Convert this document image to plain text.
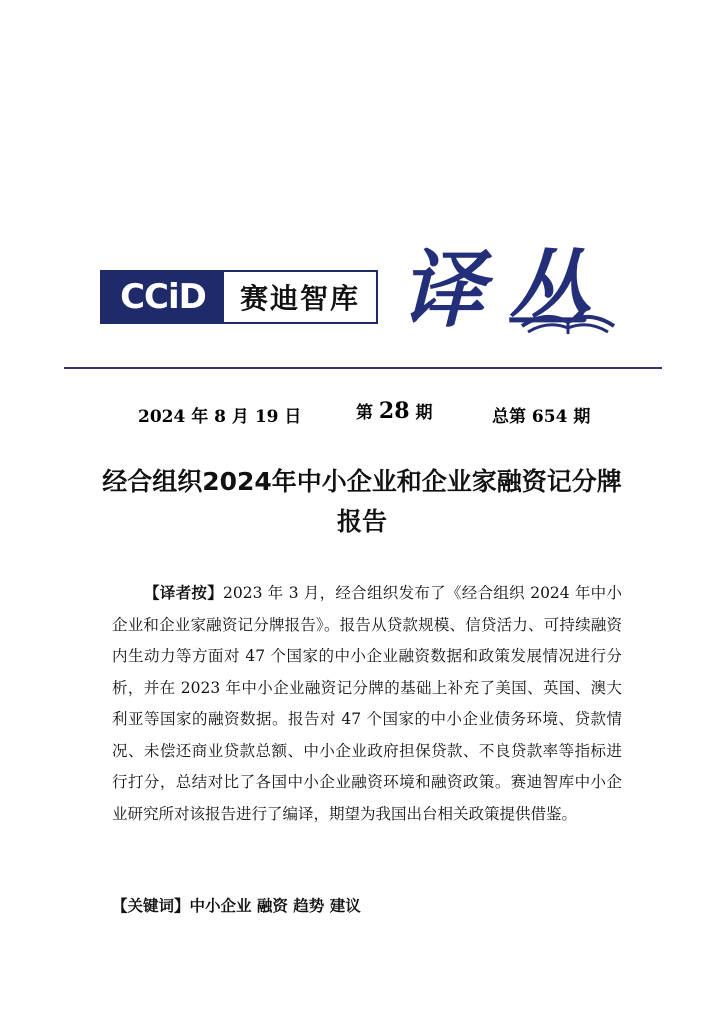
CCiD 赛迪智库 译丛
2024 年 8 月 19 日	第 28 期	总第 654 期
经合组织2024年中小企业和企业家融资记分牌报告
【译者按】2023 年 3 月，经合组织发布了《经合组织 2024 年中小企业和企业家融资记分牌报告》。报告从贷款规模、信贷活力、可持续融资内生动力等方面对 47 个国家的中小企业融资数据和政策发展情况进行分析，并在 2023 年中小企业融资记分牌的基础上补充了美国、英国、澳大利亚等国家的融资数据。报告对 47 个国家的中小企业债务环境、贷款情况、未偿还商业贷款总额、中小企业政府担保贷款、不良贷款率等指标进行打分，总结对比了各国中小企业融资环境和融资政策。赛迪智库中小企业研究所对该报告进行了编译，期望为我国出台相关政策提供借鉴。
【关键词】中小企业 融资 趋势 建议
